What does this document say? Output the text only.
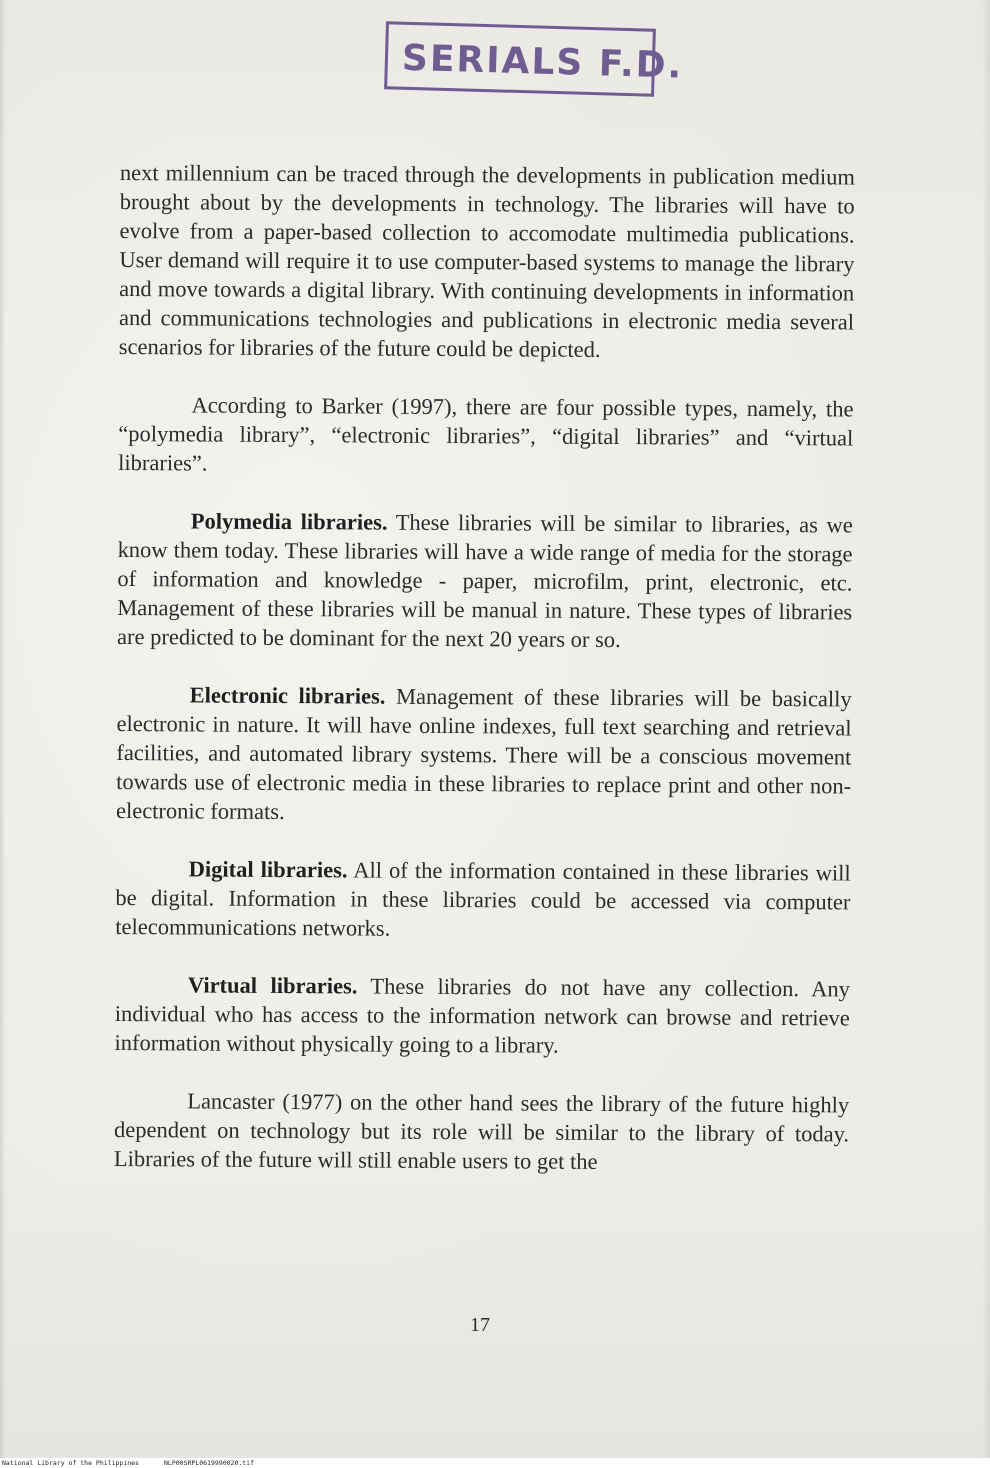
SERIALS F.D.

next millennium can be traced through the developments in publication medium brought about by the developments in technology. The libraries will have to evolve from a paper-based collection to accomodate multimedia publications. User demand will require it to use computer-based systems to manage the library and move towards a digital library. With continuing developments in information and communications technologies and publications in electronic media several scenarios for libraries of the future could be depicted.

According to Barker (1997), there are four possible types, namely, the “polymedia library”, “electronic libraries”, “digital libraries” and “virtual libraries”.

Polymedia libraries. These libraries will be similar to libraries, as we know them today. These libraries will have a wide range of media for the storage of information and knowledge - paper, microfilm, print, electronic, etc. Management of these libraries will be manual in nature. These types of libraries are predicted to be dominant for the next 20 years or so.

Electronic libraries. Management of these libraries will be basically electronic in nature. It will have online indexes, full text searching and retrieval facilities, and automated library systems. There will be a conscious movement towards use of electronic media in these libraries to replace print and other non-electronic formats.

Digital libraries. All of the information contained in these libraries will be digital. Information in these libraries could be accessed via computer telecommunications networks.

Virtual libraries. These libraries do not have any collection. Any individual who has access to the information network can browse and retrieve information without physically going to a library.

Lancaster (1977) on the other hand sees the library of the future highly dependent on technology but its role will be similar to the library of today. Libraries of the future will still enable users to get the

17
National Library of the Philippines	NLP00SRPL0619990020.tif
